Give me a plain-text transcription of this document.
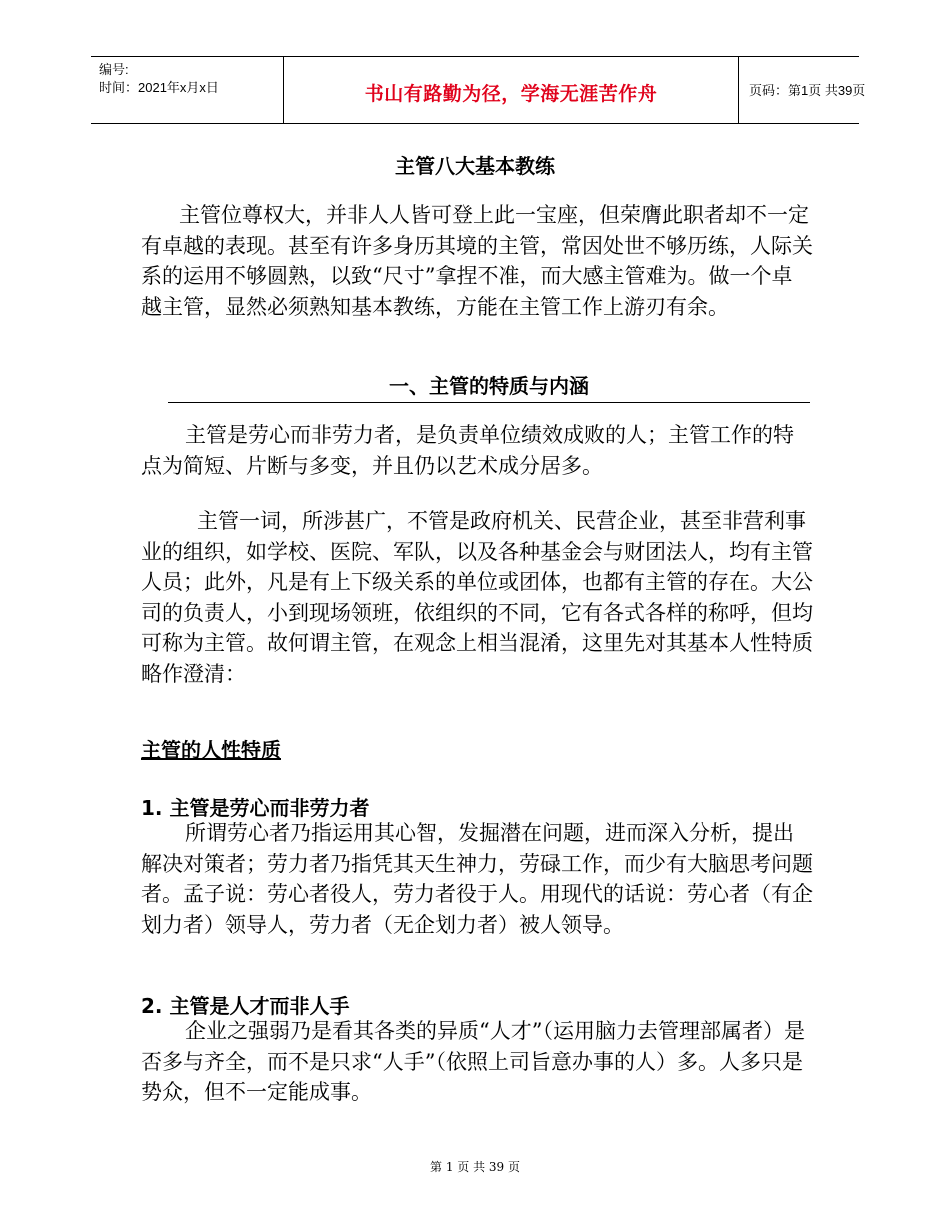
编号:
时间：2021年x月x日	书山有路勤为径，学海无涯苦作舟	页码：第1页 共39页
主管八大基本教练
主管位尊权大，并非人人皆可登上此一宝座，但荣膺此职者却不一定有卓越的表现。甚至有许多身历其境的主管，常因处世不够历练，人际关系的运用不够圆熟，以致“尺寸”拿捏不准，而大感主管难为。做一个卓越主管，显然必须熟知基本教练，方能在主管工作上游刃有余。
一、主管的特质与内涵
主管是劳心而非劳力者，是负责单位绩效成败的人；主管工作的特点为简短、片断与多变，并且仍以艺术成分居多。
主管一词，所涉甚广，不管是政府机关、民营企业，甚至非营利事业的组织，如学校、医院、军队，以及各种基金会与财团法人，均有主管人员；此外，凡是有上下级关系的单位或团体，也都有主管的存在。大公司的负责人，小到现场领班，依组织的不同，它有各式各样的称呼，但均可称为主管。故何谓主管，在观念上相当混淆，这里先对其基本人性特质略作澄清：
主管的人性特质
1. 主管是劳心而非劳力者
所谓劳心者乃指运用其心智，发掘潜在问题，进而深入分析，提出解决对策者；劳力者乃指凭其天生神力，劳碌工作，而少有大脑思考问题者。孟子说：劳心者役人，劳力者役于人。用现代的话说：劳心者（有企划力者）领导人，劳力者（无企划力者）被人领导。
2. 主管是人才而非人手
企业之强弱乃是看其各类的异质“人才”（运用脑力去管理部属者）是否多与齐全，而不是只求“人手”（依照上司旨意办事的人）多。人多只是势众，但不一定能成事。
第 1 页 共 39 页
